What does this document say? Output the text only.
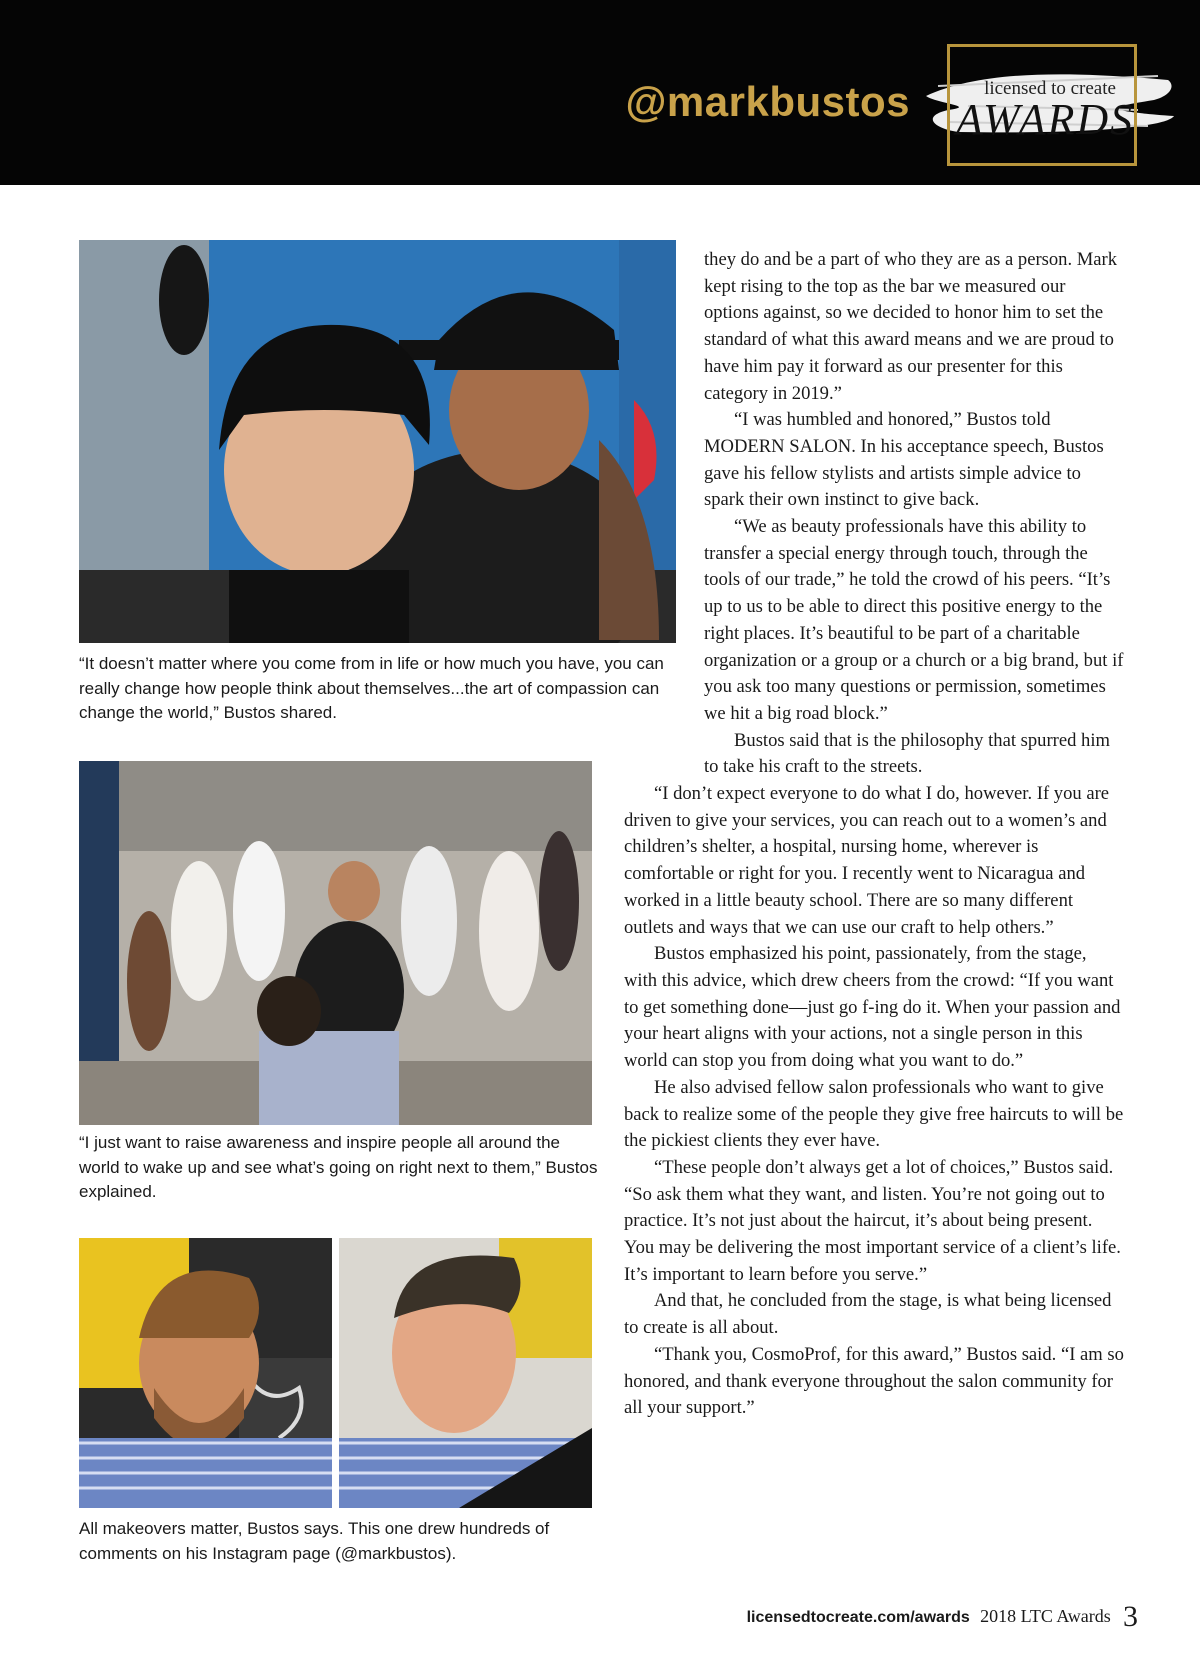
@markbustos	licensed to create
AWARDS
“It doesn’t matter where you come from in life or how much you have, you can really change how people think about themselves...the art of compassion can change the world,” Bustos shared.
“I just want to raise awareness and inspire people all around the world to wake up and see what’s going on right next to them,” Bustos explained.
All makeovers matter, Bustos says. This one drew hundreds of comments on his Instagram page (@markbustos).

they do and be a part of who they are as a person. Mark kept rising to the top as the bar we measured our options against, so we decided to honor him to set the standard of what this award means and we are proud to have him pay it forward as our presenter for this category in 2019.”

“I was humbled and honored,” Bustos told MODERN SALON. In his acceptance speech, Bustos gave his fellow stylists and artists simple advice to spark their own instinct to give back.

“We as beauty professionals have this ability to transfer a special energy through touch, through the tools of our trade,” he told the crowd of his peers. “It’s up to us to be able to direct this positive energy to the right places. It’s beautiful to be part of a charitable organization or a group or a church or a big brand, but if you ask too many questions or permission, sometimes we hit a big road block.”

Bustos said that is the philosophy that spurred him to take his craft to the streets.

“I don’t expect everyone to do what I do, however. If you are driven to give your services, you can reach out to a women’s and children’s shelter, a hospital, nursing home, wherever is comfortable or right for you. I recently went to Nicaragua and worked in a little beauty school. There are so many different outlets and ways that we can use our craft to help others.”

Bustos emphasized his point, passionately, from the stage, with this advice, which drew cheers from the crowd: “If you want to get something done—just go f-ing do it. When your passion and your heart aligns with your actions, not a single person in this world can stop you from doing what you want to do.”

He also advised fellow salon professionals who want to give back to realize some of the people they give free haircuts to will be the pickiest clients they ever have.

“These people don’t always get a lot of choices,” Bustos said. “So ask them what they want, and listen. You’re not going out to practice. It’s not just about the haircut, it’s about being present. You may be delivering the most important service of a client’s life. It’s important to learn before you serve.”

And that, he concluded from the stage, is what being licensed to create is all about.

“Thank you, CosmoProf, for this award,” Bustos said. “I am so honored, and thank everyone throughout the salon community for all your support.”

licensedtocreate.com/awards 2018 LTC Awards 3
